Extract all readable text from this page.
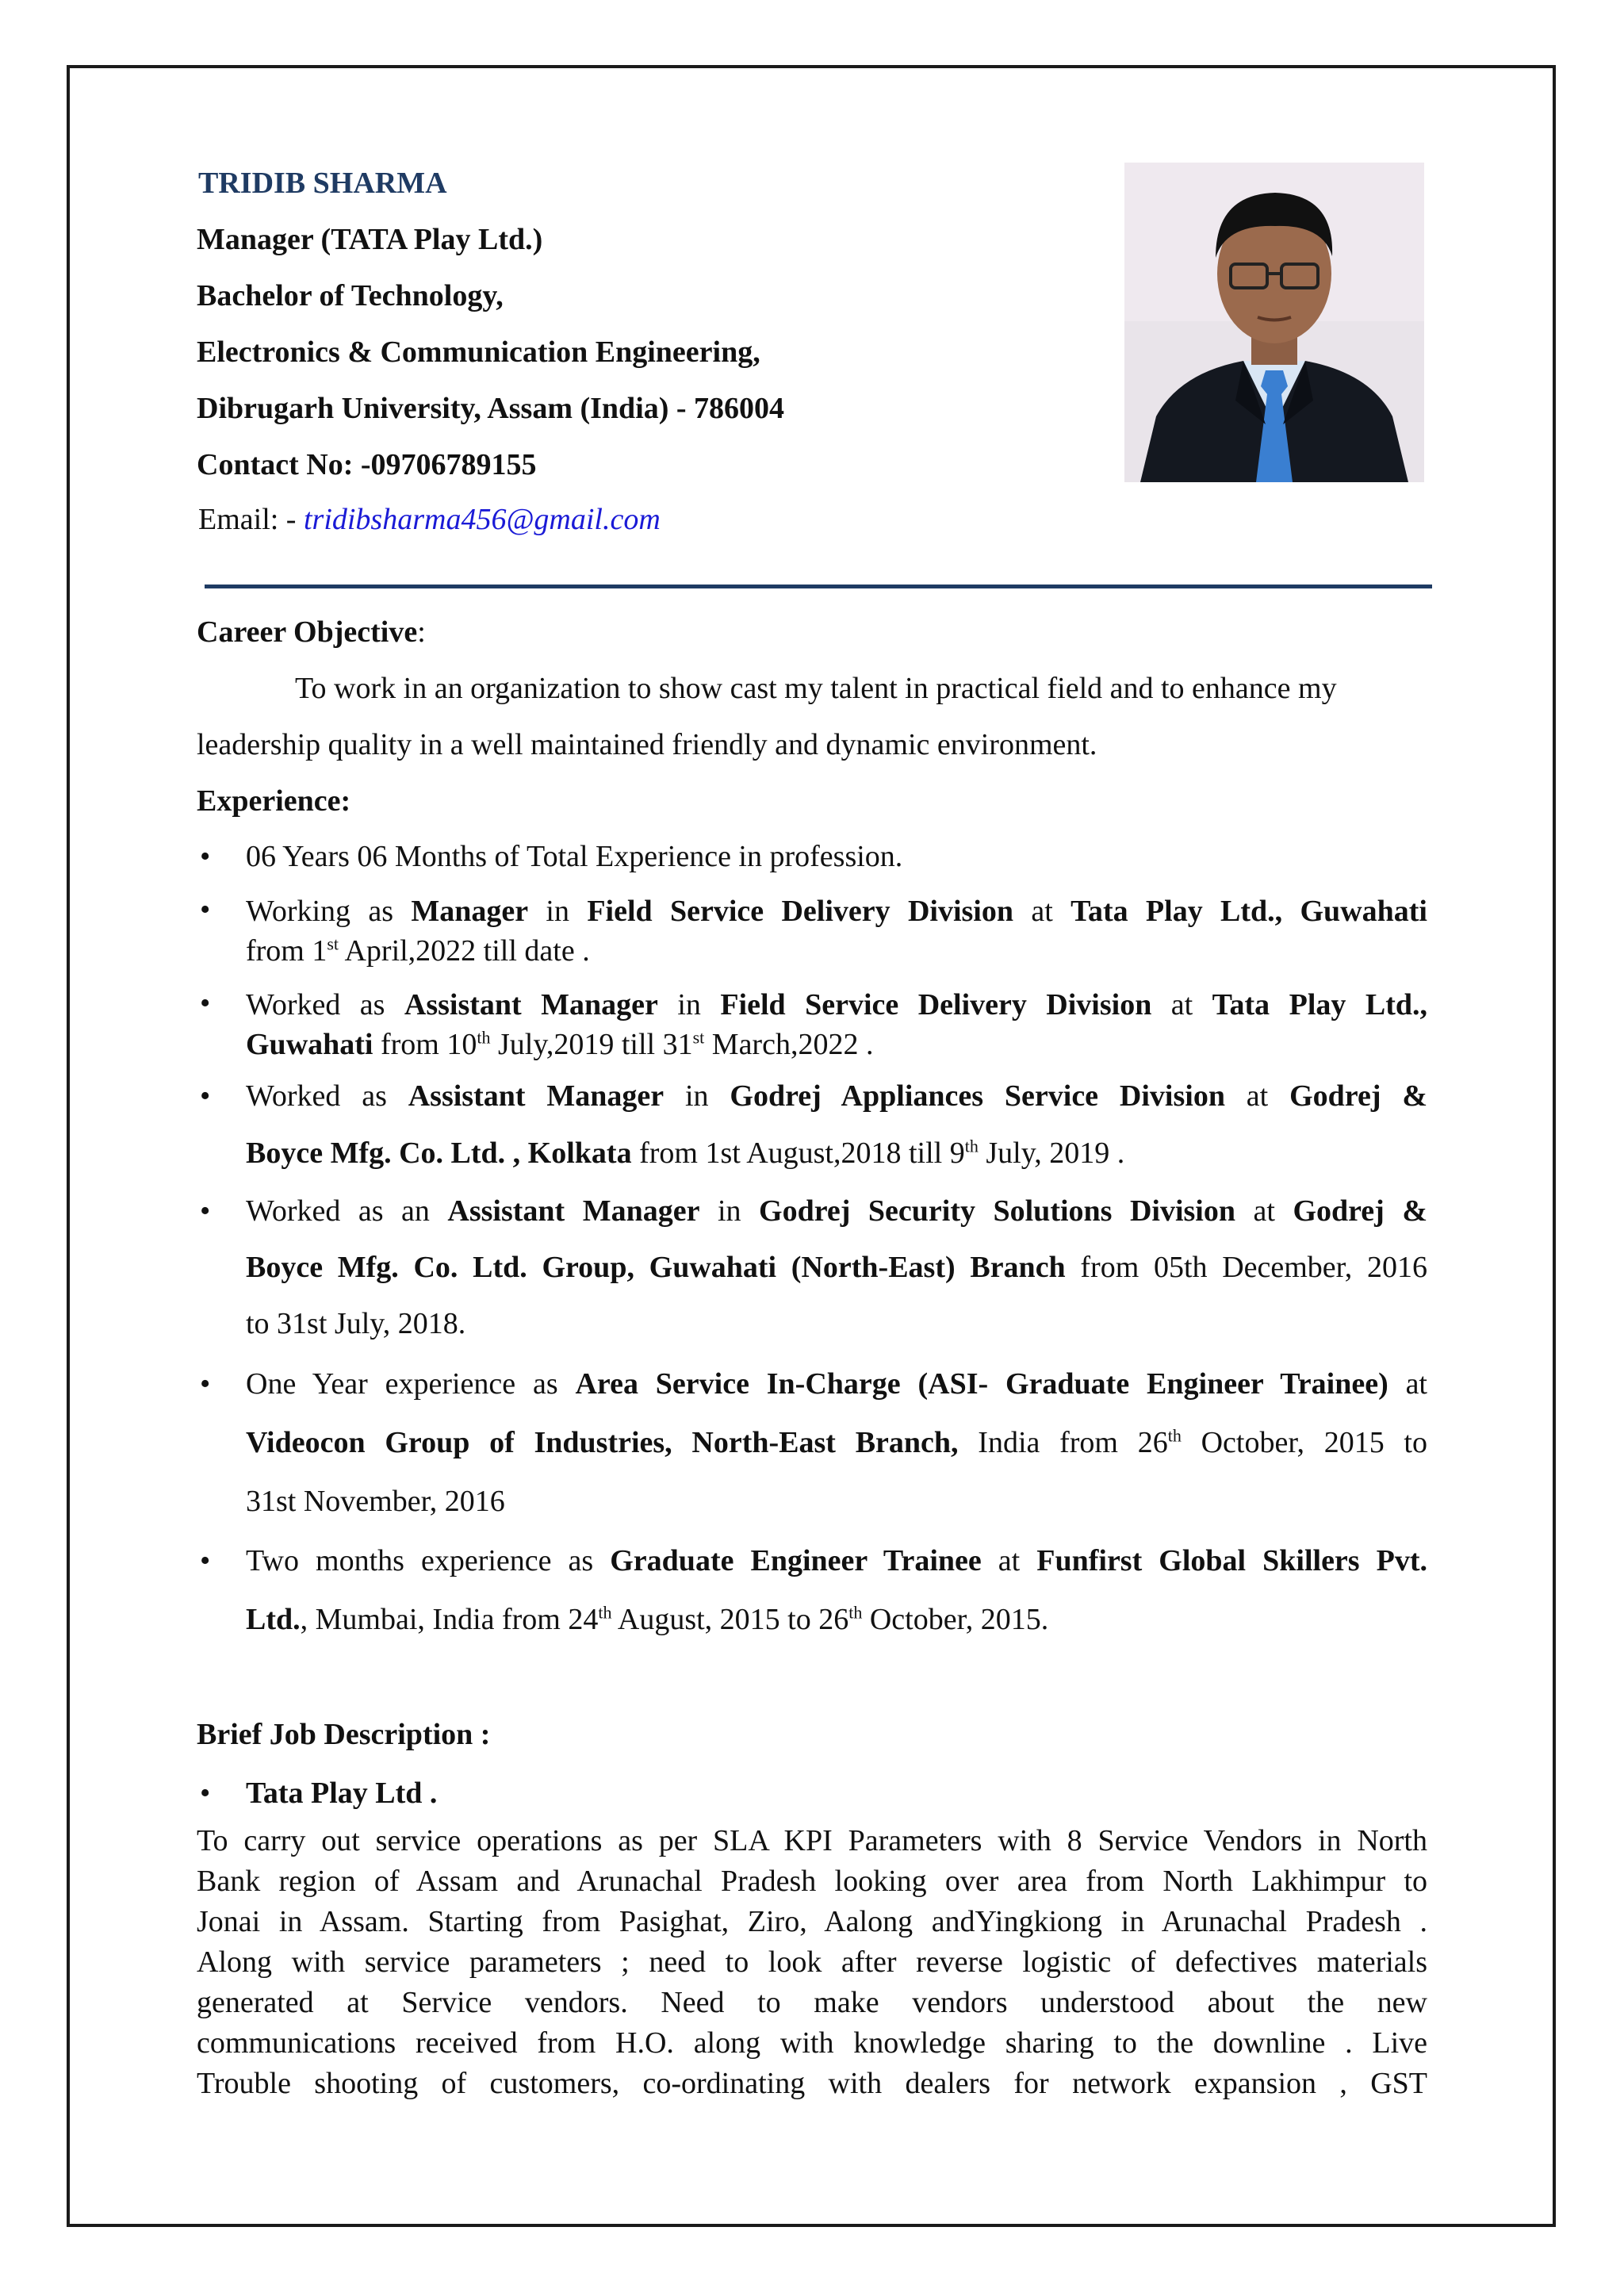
TRIDIB SHARMA
Manager (TATA Play Ltd.)
Bachelor of Technology,
Electronics & Communication Engineering,
Dibrugarh University, Assam (India) - 786004
Contact No: -09706789155
Email: - tridibsharma456@gmail.com
Career Objective:
To work in an organization to show cast my talent in practical field and to enhance my
leadership quality in a well maintained friendly and dynamic environment.
Experience:
• 06 Years 06 Months of Total Experience in profession.

• Working as Manager in Field Service Delivery Division at Tata Play Ltd., Guwahati

from 1st April,2022 till date .

• Worked as Assistant Manager in Field Service Delivery Division at Tata Play Ltd.,

Guwahati from 10th July,2019 till 31st March,2022 .

• Worked as Assistant Manager in Godrej Appliances Service Division at Godrej &

Boyce Mfg. Co. Ltd. , Kolkata from 1st August,2018 till 9th July, 2019 .

• Worked as an Assistant Manager in Godrej Security Solutions Division at Godrej &

Boyce Mfg. Co. Ltd. Group, Guwahati (North-East) Branch from 05th December, 2016

to 31st July, 2018.

• One Year experience as Area Service In-Charge (ASI- Graduate Engineer Trainee) at

Videocon Group of Industries, North-East Branch, India from 26th October, 2015 to

31st November, 2016

• Two months experience as Graduate Engineer Trainee at Funfirst Global Skillers Pvt.

Ltd., Mumbai, India from 24th August, 2015 to 26th October, 2015.

Brief Job Description :
• Tata Play Ltd .

To carry out service operations as per SLA KPI Parameters with 8 Service Vendors in North

Bank region of Assam and Arunachal Pradesh looking over area from North Lakhimpur to

Jonai in Assam. Starting from Pasighat, Ziro, Aalong andYingkiong in Arunachal Pradesh .

Along with service parameters ; need to look after reverse logistic of defectives materials

generated at Service vendors. Need to make vendors understood about the new

communications received from H.O. along with knowledge sharing to the downline . Live

Trouble shooting of customers, co-ordinating with dealers for network expansion , GST
